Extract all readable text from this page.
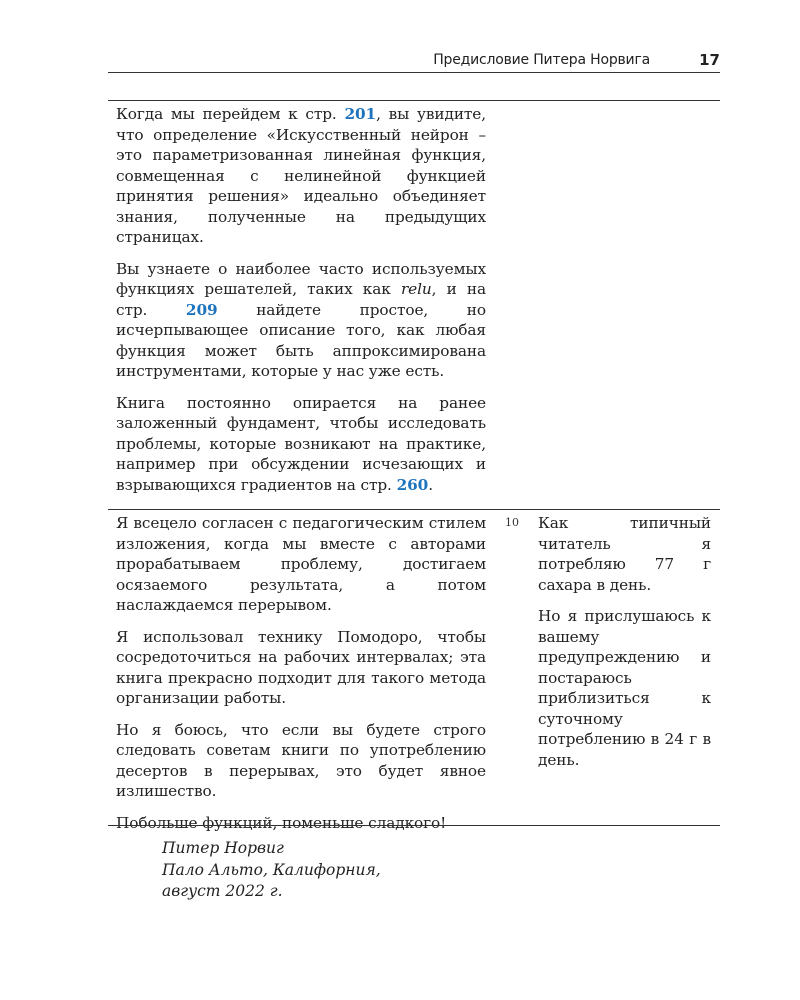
Предисловие Питера Норвига	17

Когда мы перейдем к стр. 201, вы увидите, что определение «Искусственный нейрон – это параметризованная линейная функция, совмещенная с нелинейной функцией принятия решения» идеально объединяет знания, полученные на предыдущих страницах.

Вы узнаете о наиболее часто используемых функциях решателей, таких как relu, и на стр. 209 найдете простое, но исчерпывающее описание того, как любая функция может быть аппроксимирована инструментами, которые у нас уже есть.

Книга постоянно опирается на ранее заложенный фундамент, чтобы исследовать проблемы, которые возникают на практике, например при обсуждении исчезающих и взрывающихся градиентов на стр. 260.

Я всецело согласен с педагогическим стилем изложения, когда мы вместе с авторами прорабатываем проблему, достигаем осязаемого результата, а потом наслаждаемся перерывом.

Я использовал технику Помодоро, чтобы сосредоточиться на рабочих интервалах; эта книга прекрасно подходит для такого метода организации работы.

Но я боюсь, что если вы будете строго следовать советам книги по употреблению десертов в перерывах, это будет явное излишество.

Побольше функций, поменьше сладкого!

10 Как типичный читатель я потребляю 77 г сахара в день.

Но я прислушаюсь к вашему предупреждению и постараюсь приблизиться к суточному потреблению в 24 г в день.

Питер Норвиг
Пало Альто, Калифорния,
август 2022 г.
